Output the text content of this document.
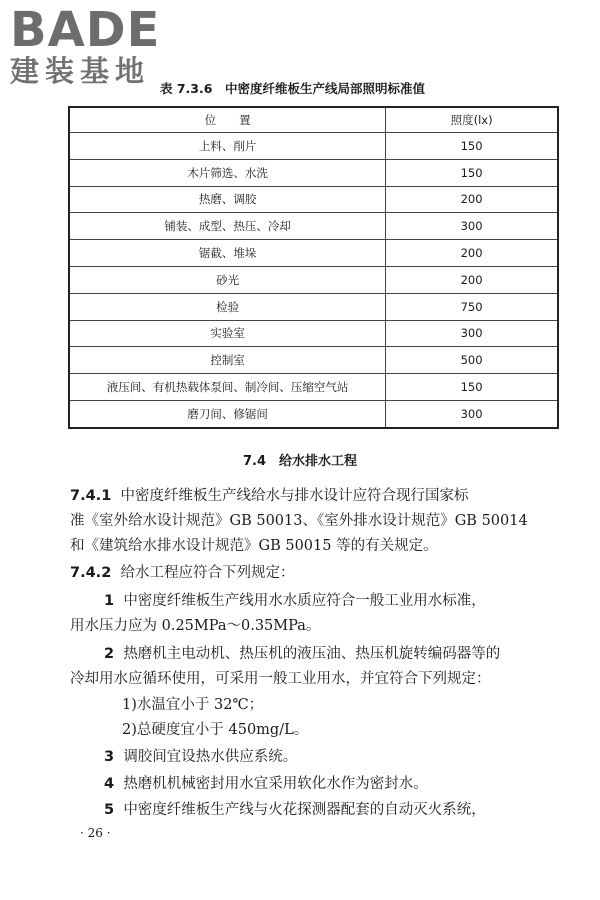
BADE
建装基地
表 7.3.6　中密度纤维板生产线局部照明标准值
位　　置	照度(lx)
上料、削片	150
木片筛选、水洗	150
热磨、调胶	200
铺装、成型、热压、冷却	300
锯截、堆垛	200
砂光	200
检验	750
实验室	300
控制室	500
液压间、有机热载体泵间、制冷间、压缩空气站	150
磨刀间、修锯间	300
7.4　给水排水工程
7.4.1 中密度纤维板生产线给水与排水设计应符合现行国家标
准《室外给水设计规范》GB 50013、《室外排水设计规范》GB 50014
和《建筑给水排水设计规范》GB 50015 等的有关规定。
7.4.2 给水工程应符合下列规定：
1 中密度纤维板生产线用水水质应符合一般工业用水标准，
用水压力应为 0.25MPa～0.35MPa。
2 热磨机主电动机、热压机的液压油、热压机旋转编码器等的
冷却用水应循环使用，可采用一般工业用水，并宜符合下列规定：
1)水温宜小于 32℃；
2)总硬度宜小于 450mg/L。
3 调胶间宜设热水供应系统。
4 热磨机机械密封用水宜采用软化水作为密封水。
5 中密度纤维板生产线与火花探测器配套的自动灭火系统，
· 26 ·
